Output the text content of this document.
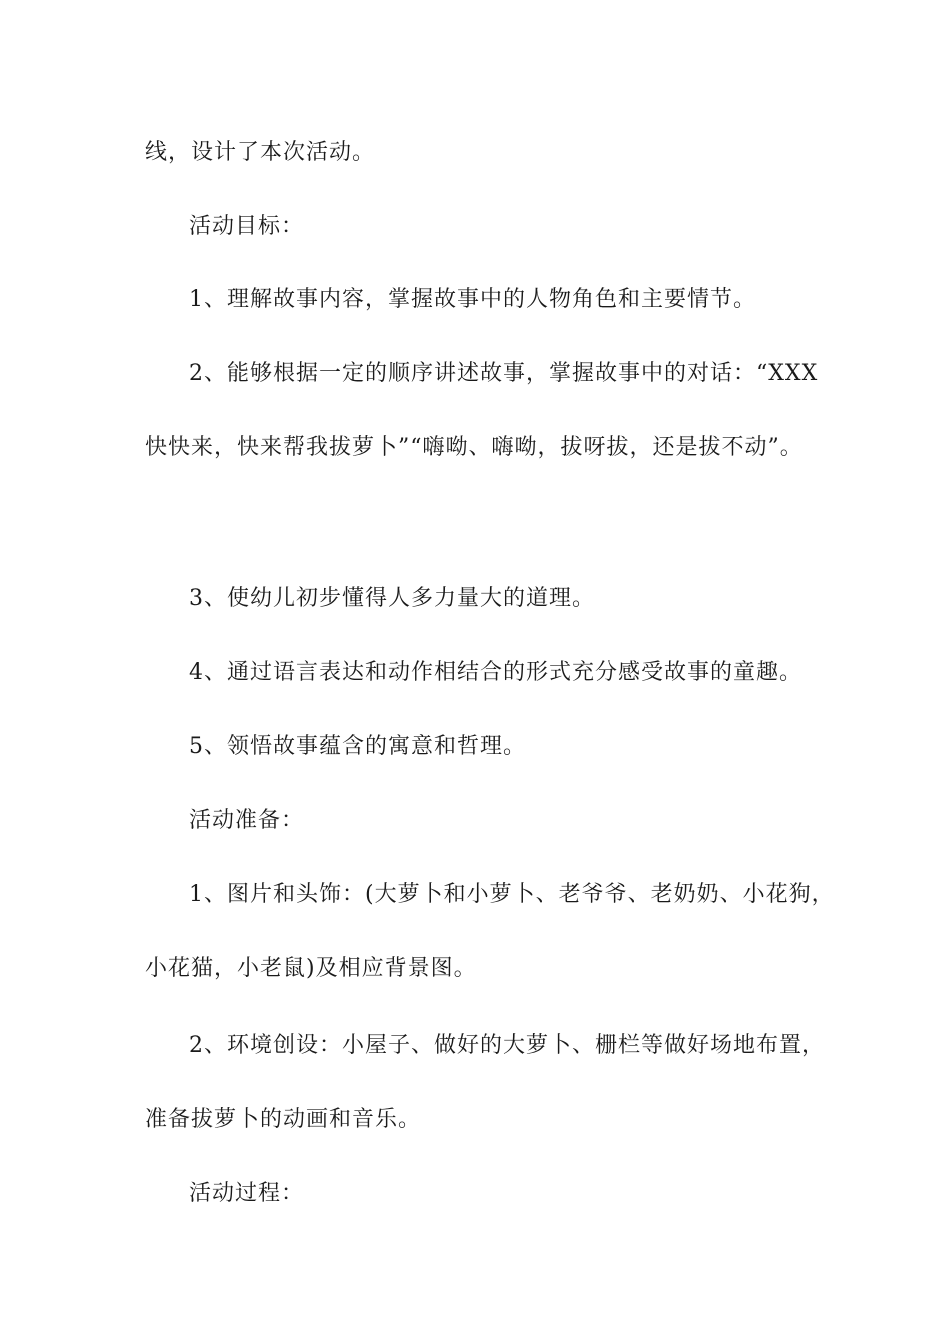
线，设计了本次活动。
活动目标：
1、理解故事内容，掌握故事中的人物角色和主要情节。
2、能够根据一定的顺序讲述故事，掌握故事中的对话：“XXX
快快来，快来帮我拔萝卜”“嗨呦、嗨呦，拔呀拔，还是拔不动”。
3、使幼儿初步懂得人多力量大的道理。
4、通过语言表达和动作相结合的形式充分感受故事的童趣。
5、领悟故事蕴含的寓意和哲理。
活动准备：
1、图片和头饰：(大萝卜和小萝卜、老爷爷、老奶奶、小花狗，
小花猫，小老鼠)及相应背景图。
2、环境创设：小屋子、做好的大萝卜、栅栏等做好场地布置，
准备拔萝卜的动画和音乐。
活动过程：
